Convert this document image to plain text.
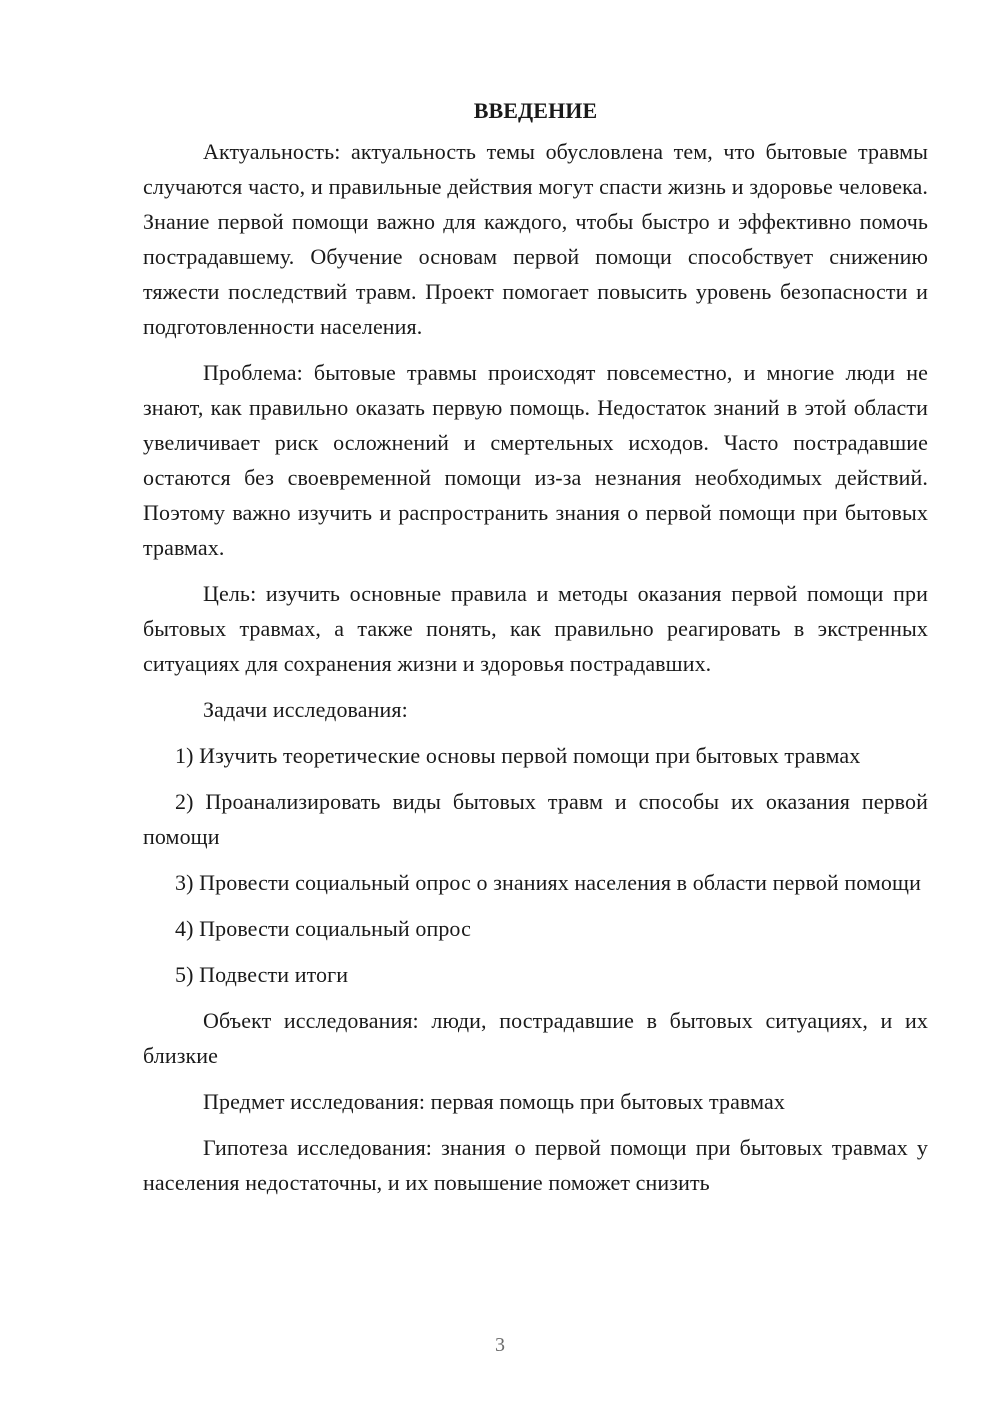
ВВЕДЕНИЕ

Актуальность: актуальность темы обусловлена тем, что бытовые травмы случаются часто, и правильные действия могут спасти жизнь и здоровье человека. Знание первой помощи важно для каждого, чтобы быстро и эффективно помочь пострадавшему. Обучение основам первой помощи способствует снижению тяжести последствий травм. Проект помогает повысить уровень безопасности и подготовленности населения.

Проблема: бытовые травмы происходят повсеместно, и многие люди не знают, как правильно оказать первую помощь. Недостаток знаний в этой области увеличивает риск осложнений и смертельных исходов. Часто пострадавшие остаются без своевременной помощи из-за незнания необходимых действий. Поэтому важно изучить и распространить знания о первой помощи при бытовых травмах.

Цель: изучить основные правила и методы оказания первой помощи при бытовых травмах, а также понять, как правильно реагировать в экстренных ситуациях для сохранения жизни и здоровья пострадавших.

Задачи исследования:

1) Изучить теоретические основы первой помощи при бытовых травмах

2) Проанализировать виды бытовых травм и способы их оказания первой помощи

3) Провести социальный опрос о знаниях населения в области первой помощи

4) Провести социальный опрос

5) Подвести итоги

Объект исследования: люди, пострадавшие в бытовых ситуациях, и их близкие

Предмет исследования: первая помощь при бытовых травмах

Гипотеза исследования: знания о первой помощи при бытовых травмах у населения недостаточны, и их повышение поможет снизить

3
